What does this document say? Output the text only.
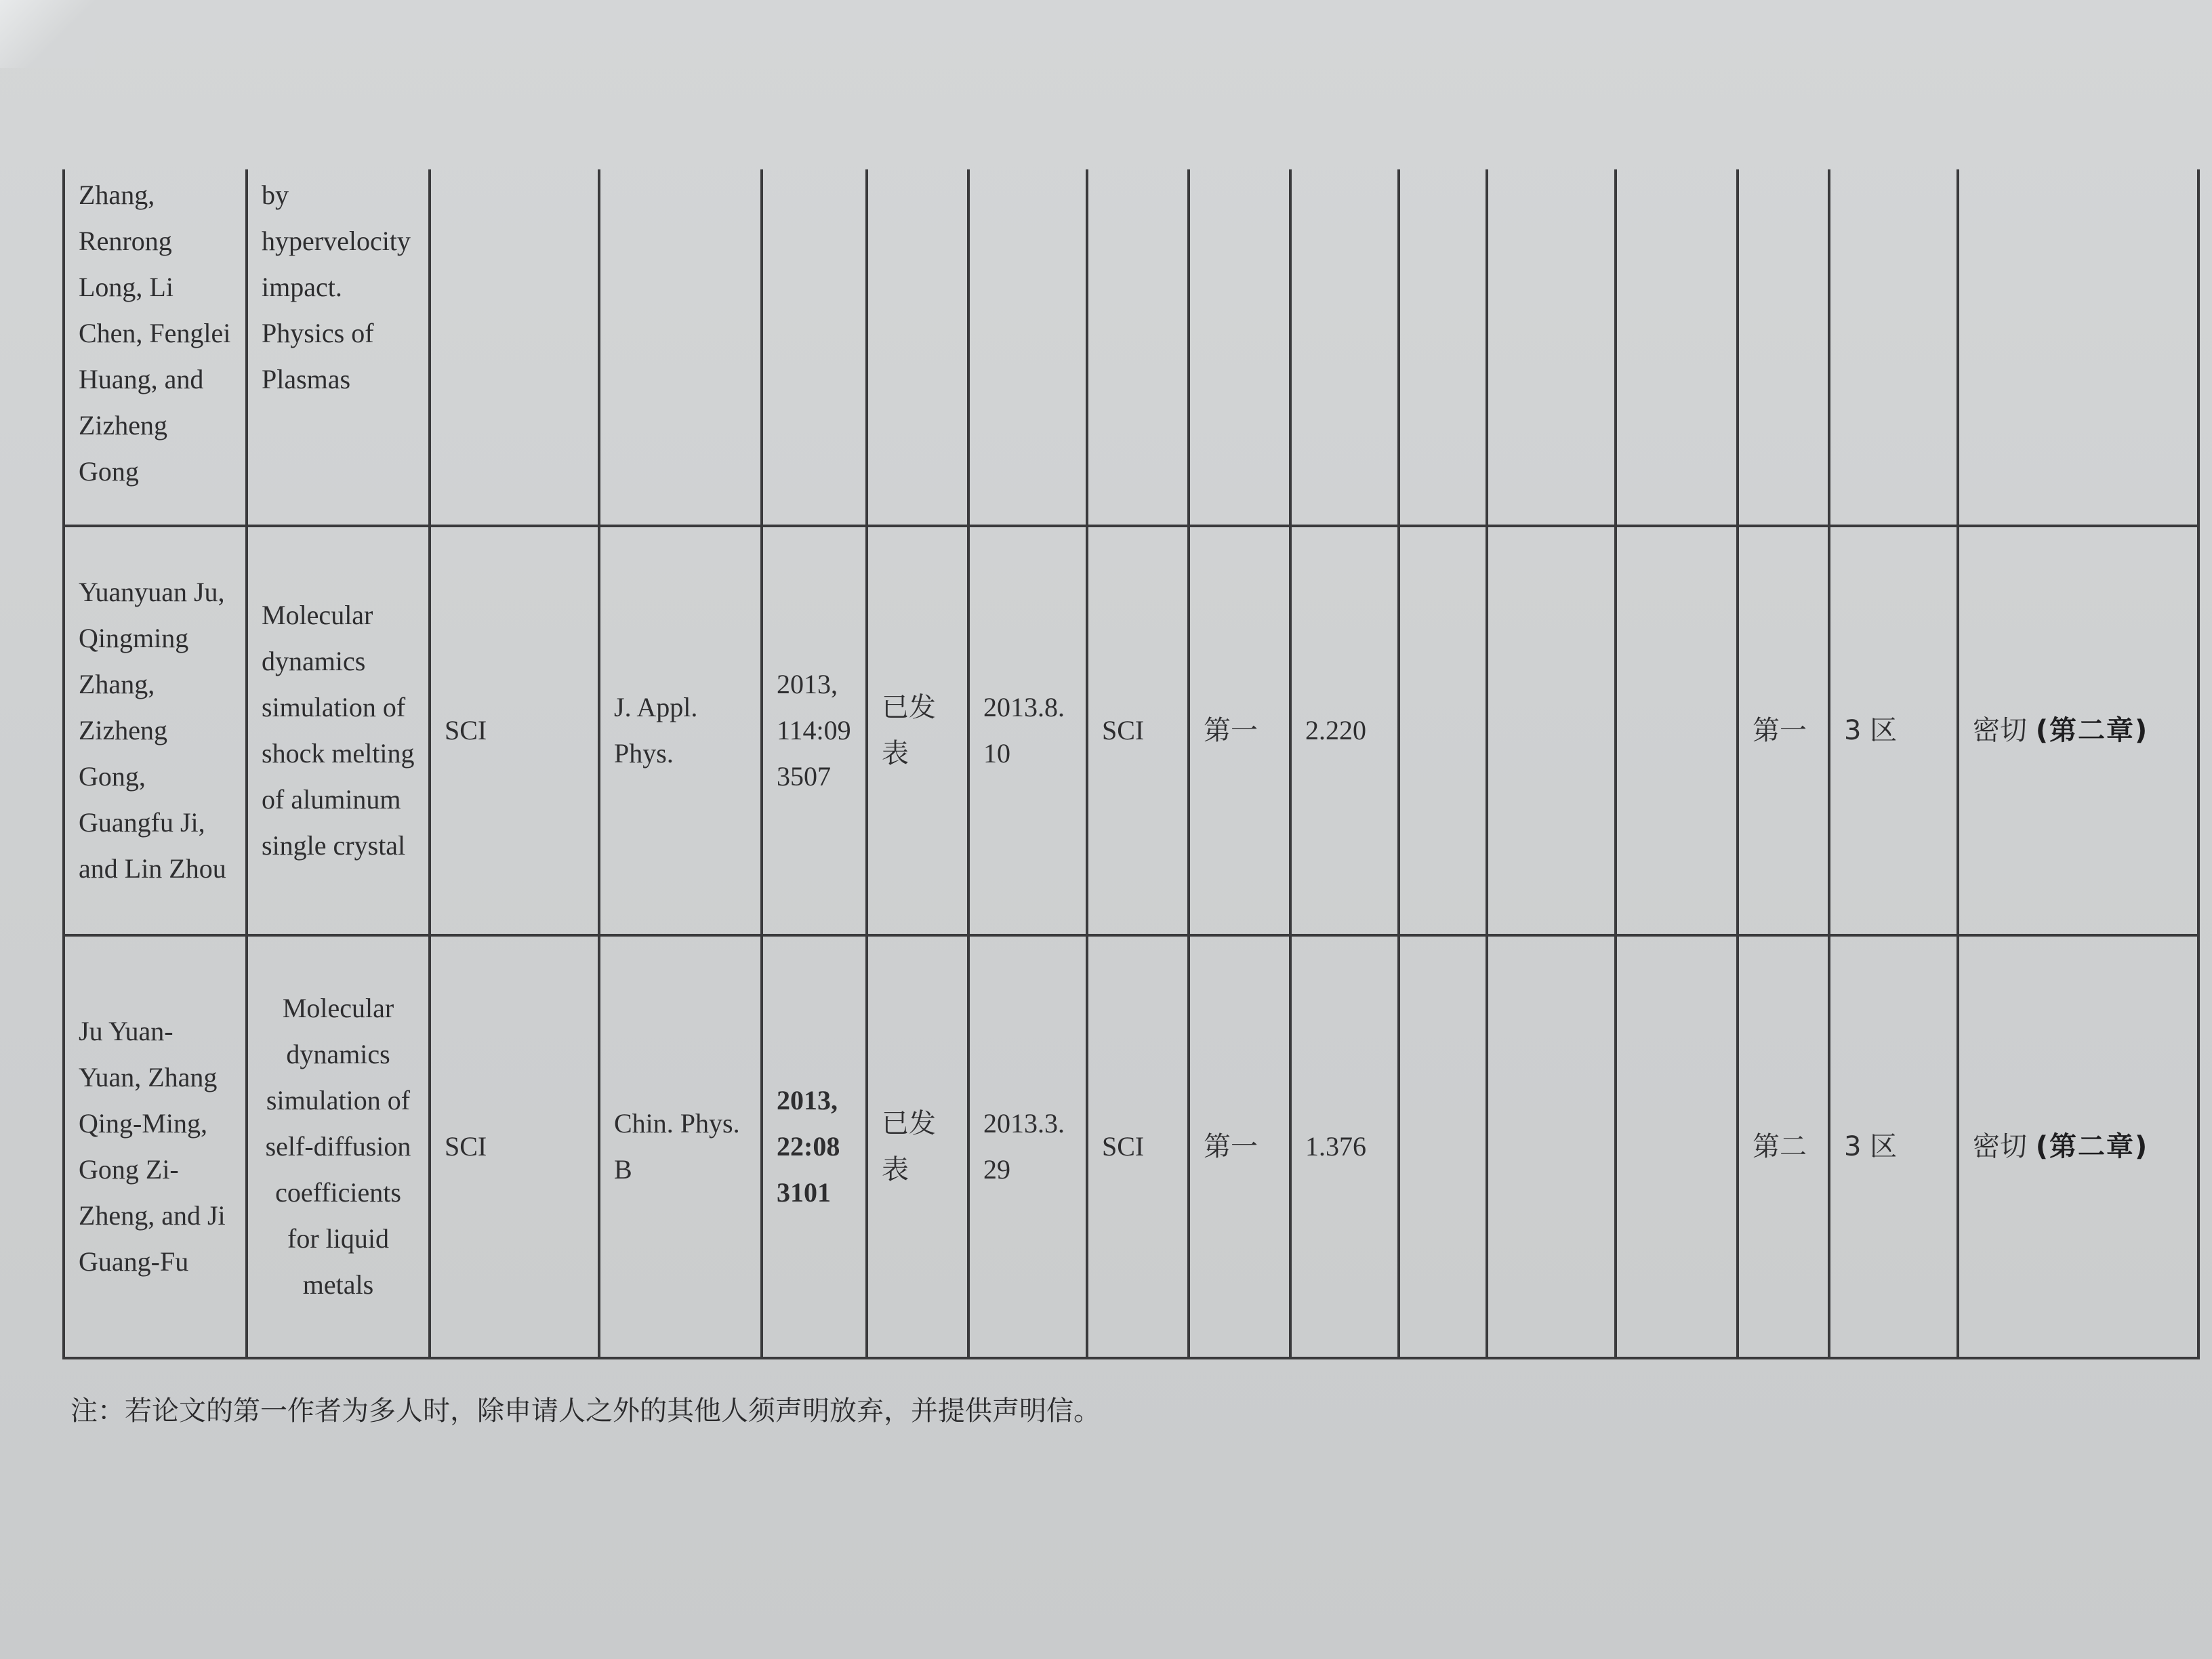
Zhang, Renrong Long, Li Chen, Fenglei Huang, and Zizheng Gong	by hypervelocity impact. Physics of Plasmas														
Yuanyuan Ju, Qingming Zhang, Zizheng Gong, Guangfu Ji, and Lin Zhou	Molecular dynamics simulation of shock melting of aluminum single crystal	SCI	J. Appl. Phys.	2013, 114:093507	已发表	2013.8.10	SCI	第一	2.220				第一	3 区	密切 (第二章)
Ju Yuan-Yuan, Zhang Qing-Ming, Gong Zi-Zheng, and Ji Guang-Fu	Molecular dynamics simulation of self-diffusion coefficients for liquid metals	SCI	Chin. Phys. B	2013, 22:083101	已发表	2013.3.29	SCI	第一	1.376				第二	3 区	密切 (第二章)
注：若论文的第一作者为多人时，除申请人之外的其他人须声明放弃，并提供声明信。
